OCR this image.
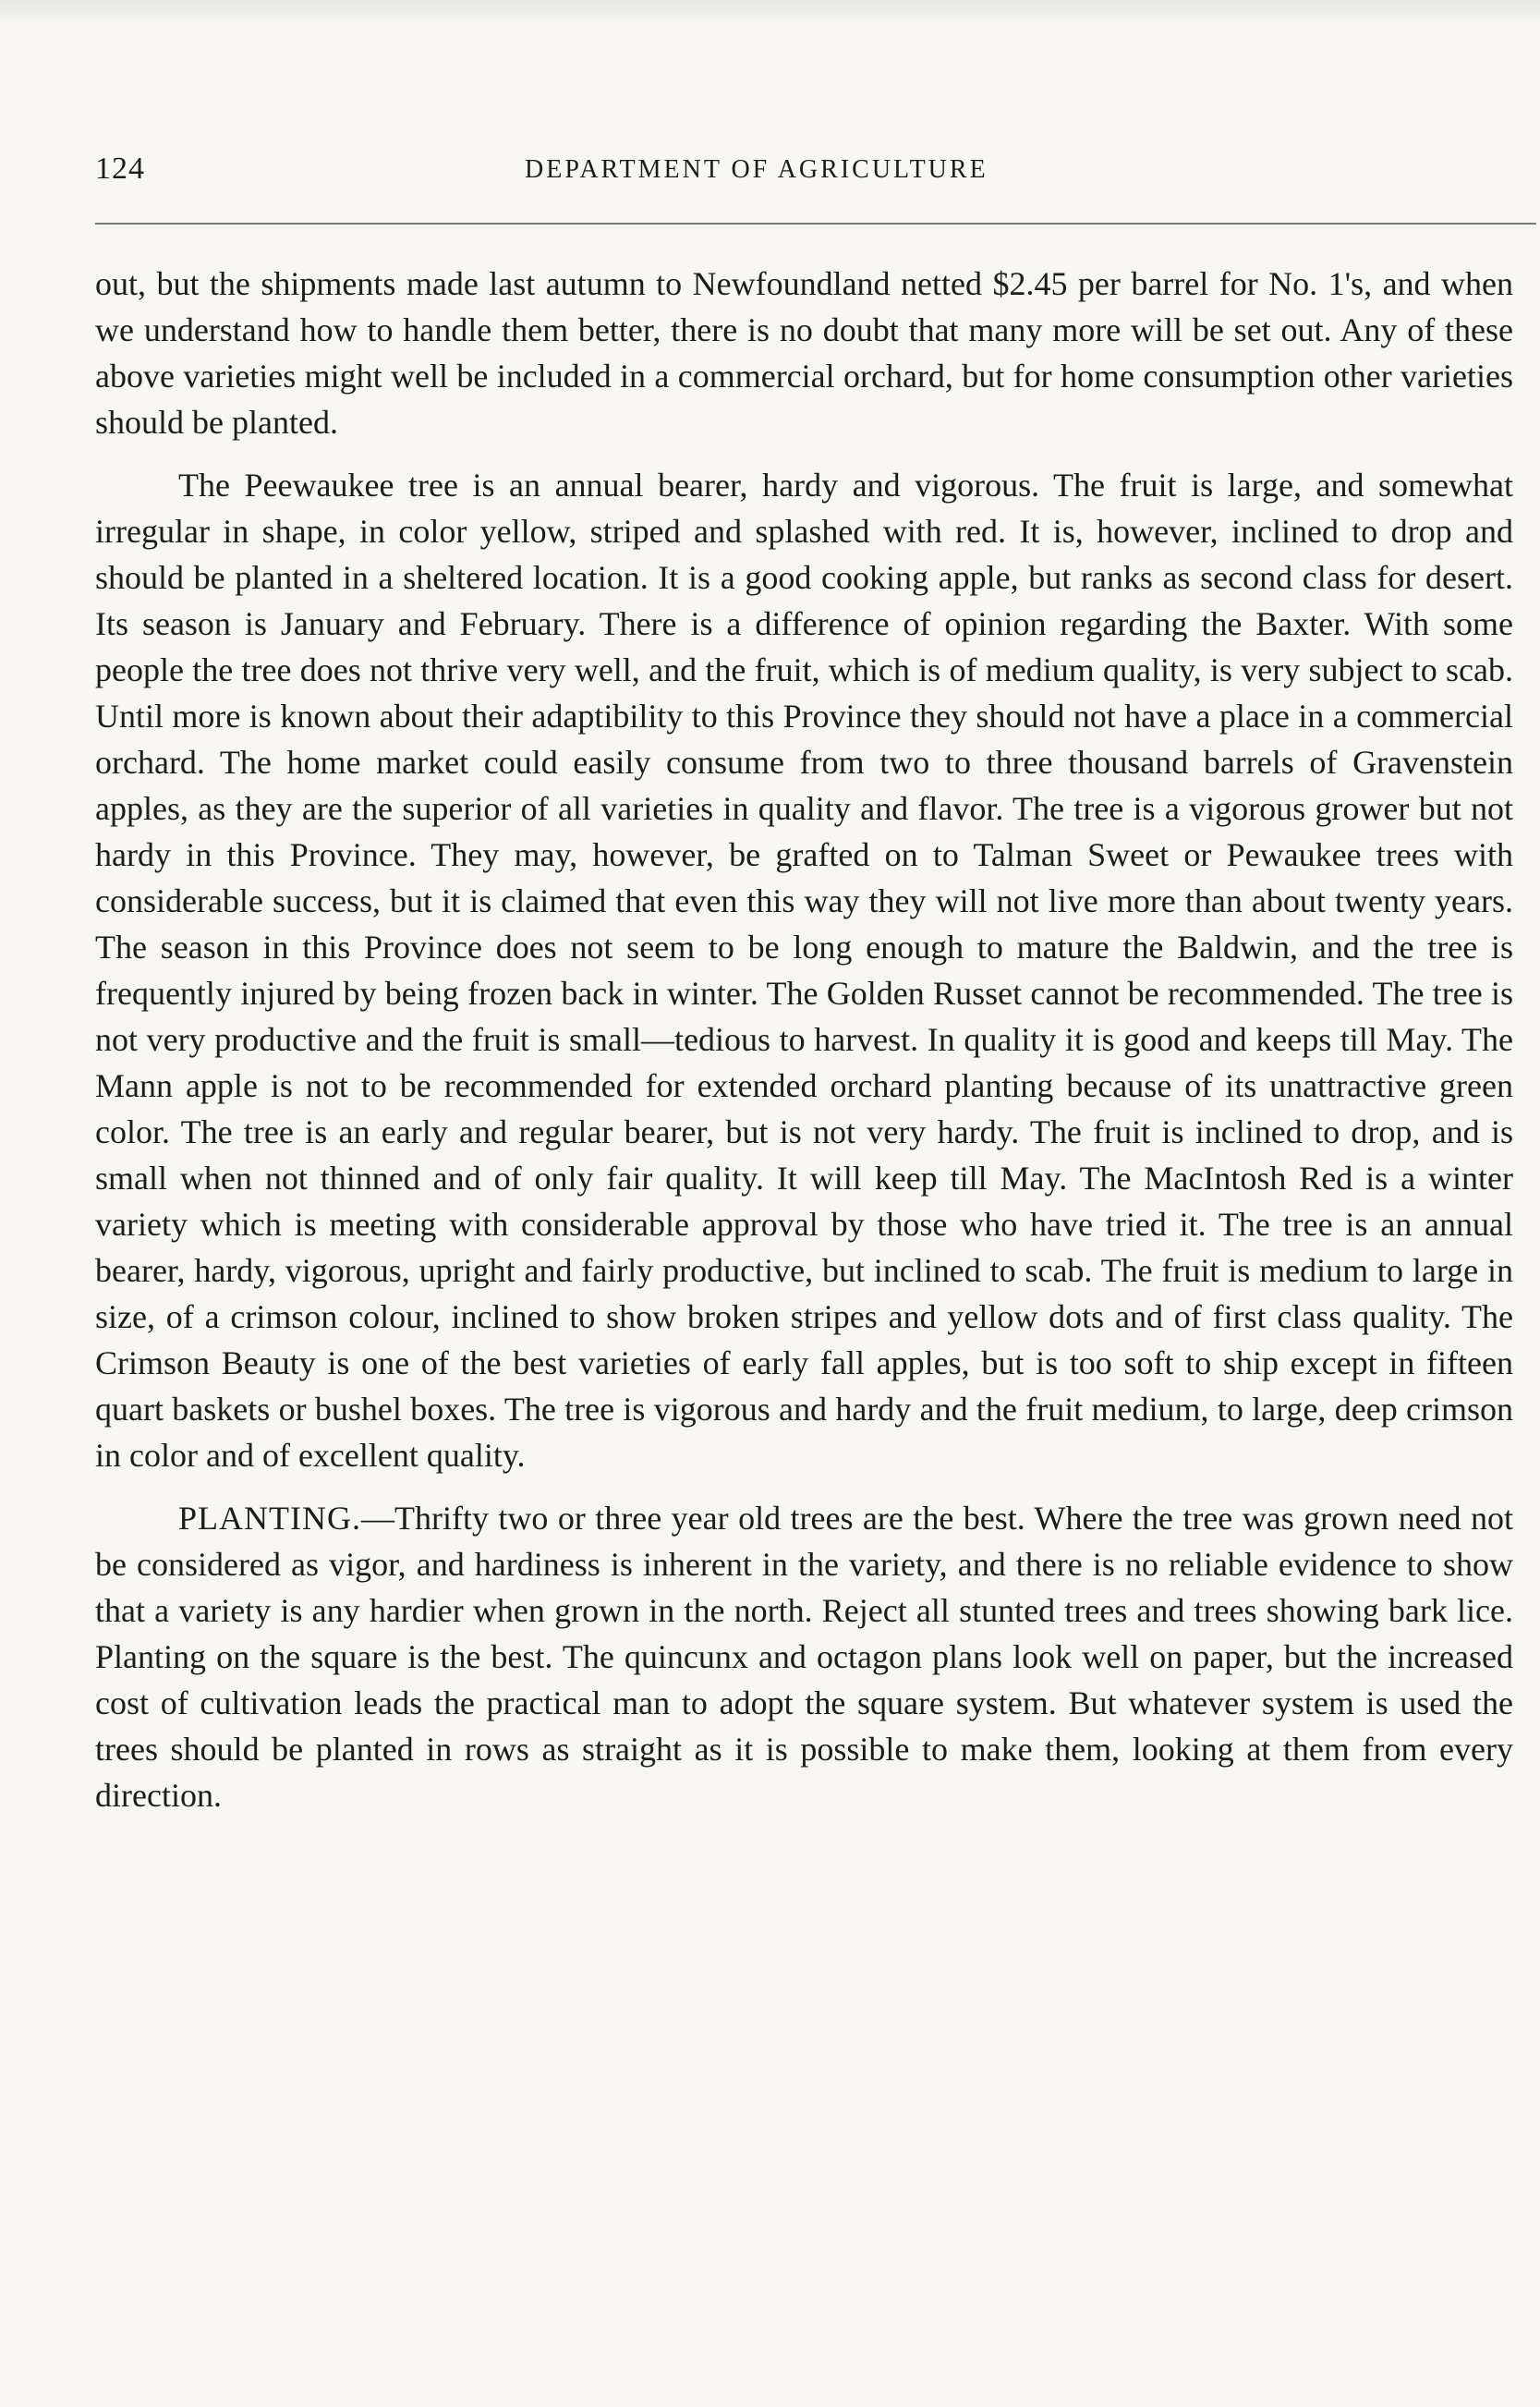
124	DEPARTMENT OF AGRICULTURE

out, but the shipments made last autumn to Newfoundland netted $2.45 per barrel for No. 1's, and when we understand how to handle them better, there is no doubt that many more will be set out. Any of these above varieties might well be included in a commercial orchard, but for home consumption other varieties should be planted.

The Peewaukee tree is an annual bearer, hardy and vigorous. The fruit is large, and somewhat irregular in shape, in color yellow, striped and splashed with red. It is, however, inclined to drop and should be planted in a sheltered location. It is a good cooking apple, but ranks as second class for desert. Its season is January and February. There is a difference of opinion regarding the Baxter. With some people the tree does not thrive very well, and the fruit, which is of medium quality, is very subject to scab. Until more is known about their adaptibility to this Province they should not have a place in a commercial orchard. The home market could easily consume from two to three thousand barrels of Gravenstein apples, as they are the superior of all varieties in quality and flavor. The tree is a vigorous grower but not hardy in this Province. They may, however, be grafted on to Talman Sweet or Pewaukee trees with considerable success, but it is claimed that even this way they will not live more than about twenty years. The season in this Province does not seem to be long enough to mature the Baldwin, and the tree is frequently injured by being frozen back in winter. The Golden Russet cannot be recommended. The tree is not very productive and the fruit is small—tedious to harvest. In quality it is good and keeps till May. The Mann apple is not to be recommended for extended orchard planting because of its unattractive green color. The tree is an early and regular bearer, but is not very hardy. The fruit is inclined to drop, and is small when not thinned and of only fair quality. It will keep till May. The MacIntosh Red is a winter variety which is meeting with considerable approval by those who have tried it. The tree is an annual bearer, hardy, vigorous, upright and fairly productive, but inclined to scab. The fruit is medium to large in size, of a crimson colour, inclined to show broken stripes and yellow dots and of first class quality. The Crimson Beauty is one of the best varieties of early fall apples, but is too soft to ship except in fifteen quart baskets or bushel boxes. The tree is vigorous and hardy and the fruit medium, to large, deep crimson in color and of excellent quality.

PLANTING.—Thrifty two or three year old trees are the best. Where the tree was grown need not be considered as vigor, and hardiness is inherent in the variety, and there is no reliable evidence to show that a variety is any hardier when grown in the north. Reject all stunted trees and trees showing bark lice. Planting on the square is the best. The quincunx and octagon plans look well on paper, but the increased cost of cultivation leads the practical man to adopt the square system. But whatever system is used the trees should be planted in rows as straight as it is possible to make them, looking at them from every direction.
